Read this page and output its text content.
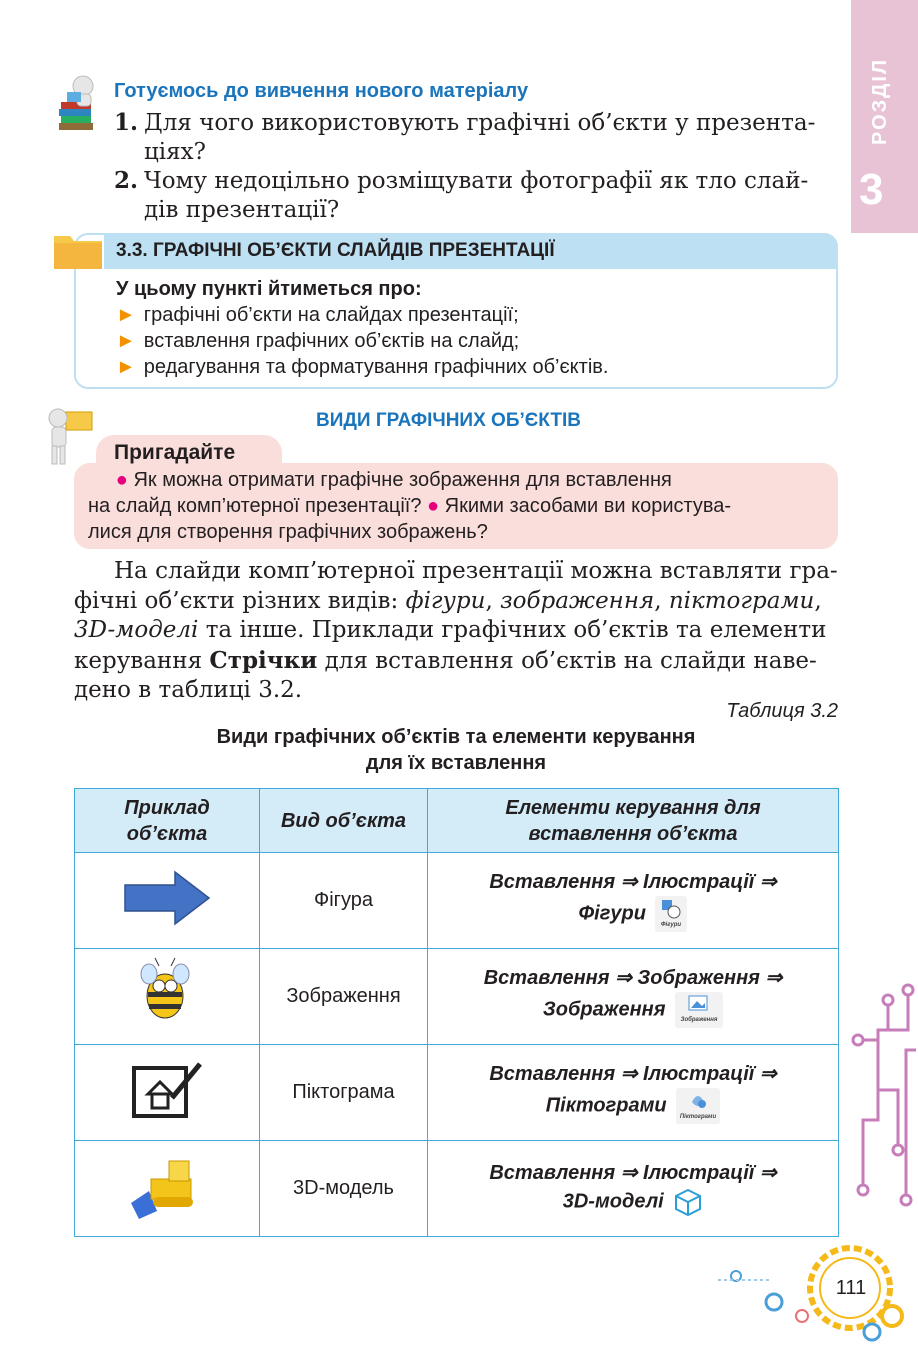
РОЗДІЛ
3
Готуємось до вивчення нового матеріалу
1. Для чого використовують графічні об’єкти у презента-
ціях?
2. Чому недоцільно розміщувати фотографії як тло слай-
дів презентації?
3.3. ГРАФІЧНІ ОБ’ЄКТИ СЛАЙДІВ ПРЕЗЕНТАЦІЇ
У цьому пункті йтиметься про:
► графічні об’єкти на слайдах презентації;
► вставлення графічних об’єктів на слайд;
► редагування та форматування графічних об’єктів.
ВИДИ ГРАФІЧНИХ ОБ’ЄКТІВ
Пригадайте
● Як можна отримати графічне зображення для вставлення
на слайд комп’ютерної презентації? ● Якими засобами ви користува-
лися для створення графічних зображень?
На слайди комп’ютерної презентації можна вставляти гра-
фічні об’єкти різних видів: фігури, зображення, піктограми,
3D-моделі та інше. Приклади графічних об’єктів та елементи
керування Стрічки для вставлення об’єктів на слайди наве-
дено в таблиці 3.2.
Таблиця 3.2
Види графічних об’єктів та елементи керування
для їх вставлення
Приклад
об’єкта	Вид об’єкта	Елементи керування для
вставлення об’єкта
	Фігура	Вставлення ⇒ Ілюстрації ⇒
Фігури
Фігури

	Зображення	Вставлення ⇒ Зображення ⇒
Зображення Зображення

	Піктограма	Вставлення ⇒ Ілюстрації ⇒
Піктограми
Піктограми

	3D-модель	Вставлення ⇒ Ілюстрації ⇒
3D-моделі
111
